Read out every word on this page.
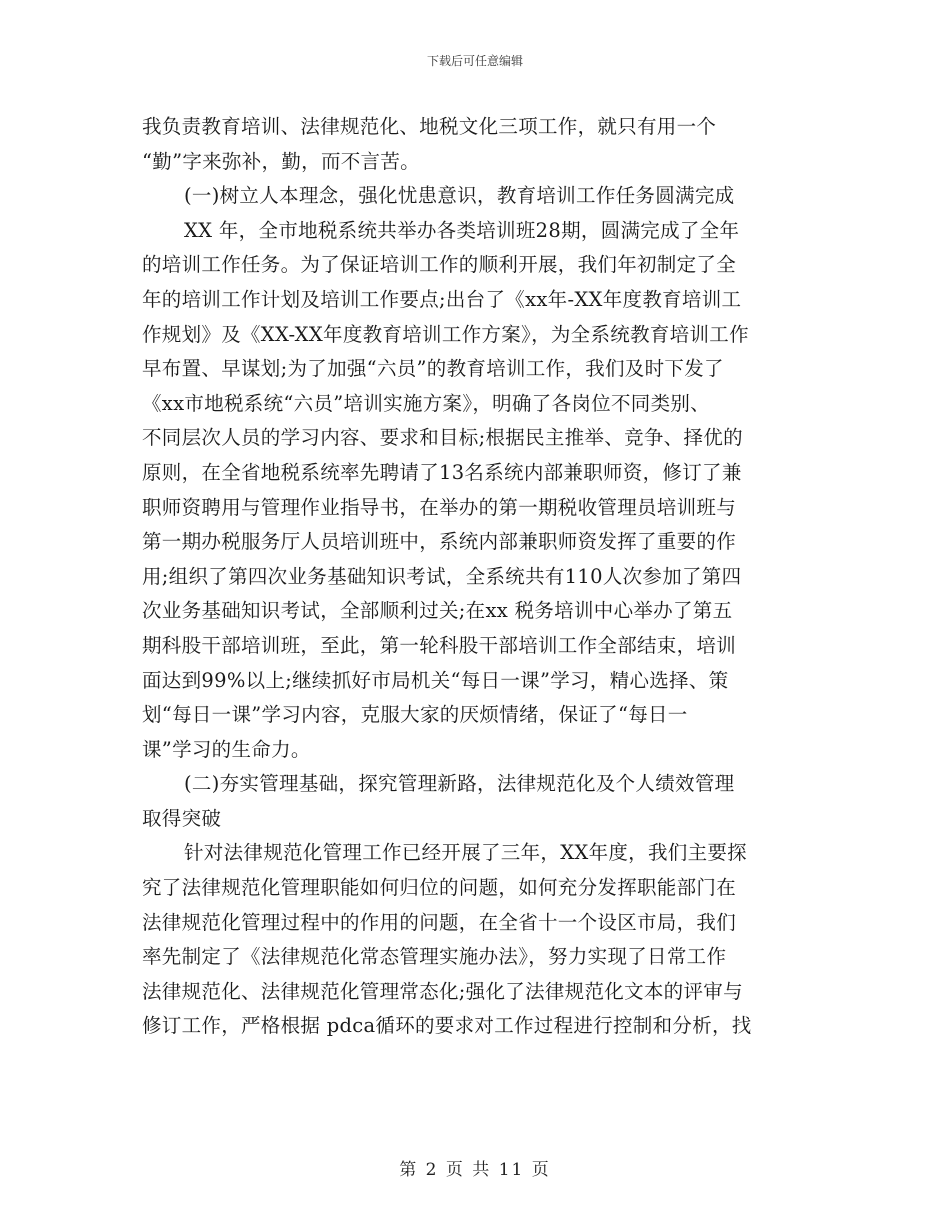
下载后可任意编辑
我负责教育培训、法律规范化、地税文化三项工作，就只有用一个
“勤”字来弥补，勤，而不言苦。
(一)树立人本理念，强化忧患意识，教育培训工作任务圆满完成
XX 年，全市地税系统共举办各类培训班28期，圆满完成了全年
的培训工作任务。为了保证培训工作的顺利开展，我们年初制定了全
年的培训工作计划及培训工作要点;出台了《xx年-XX年度教育培训工
作规划》及《XX-XX年度教育培训工作方案》，为全系统教育培训工作
早布置、早谋划;为了加强“六员”的教育培训工作，我们及时下发了
《xx市地税系统“六员”培训实施方案》，明确了各岗位不同类别、
不同层次人员的学习内容、要求和目标;根据民主推举、竞争、择优的
原则，在全省地税系统率先聘请了13名系统内部兼职师资，修订了兼
职师资聘用与管理作业指导书，在举办的第一期税收管理员培训班与
第一期办税服务厅人员培训班中，系统内部兼职师资发挥了重要的作
用;组织了第四次业务基础知识考试，全系统共有110人次参加了第四
次业务基础知识考试，全部顺利过关;在xx 税务培训中心举办了第五
期科股干部培训班，至此，第一轮科股干部培训工作全部结束，培训
面达到99%以上;继续抓好市局机关“每日一课”学习，精心选择、策
划“每日一课”学习内容，克服大家的厌烦情绪，保证了“每日一
课”学习的生命力。
(二)夯实管理基础，探究管理新路，法律规范化及个人绩效管理
取得突破
针对法律规范化管理工作已经开展了三年，XX年度，我们主要探
究了法律规范化管理职能如何归位的问题，如何充分发挥职能部门在
法律规范化管理过程中的作用的问题，在全省十一个设区市局，我们
率先制定了《法律规范化常态管理实施办法》，努力实现了日常工作
法律规范化、法律规范化管理常态化;强化了法律规范化文本的评审与
修订工作，严格根据 pdca循环的要求对工作过程进行控制和分析，找
第 2 页 共 11 页
